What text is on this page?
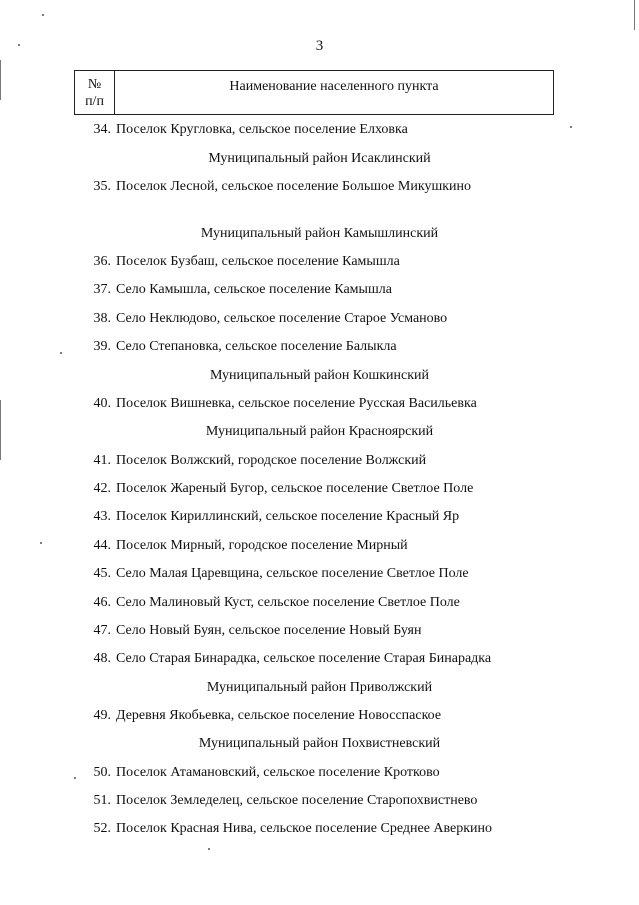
3
№
п/п
Наименование населенного пункта
34. Поселок Кругловка, сельское поселение Елховка
Муниципальный район Исаклинский
35. Поселок Лесной, сельское поселение Большое Микушкино
Муниципальный район Камышлинский
36. Поселок Бузбаш, сельское поселение Камышла
37. Село Камышла, сельское поселение Камышла
38. Село Неклюдово, сельское поселение Старое Усманово
39. Село Степановка, сельское поселение Балыкла
Муниципальный район Кошкинский
40. Поселок Вишневка, сельское поселение Русская Васильевка
Муниципальный район Красноярский
41. Поселок Волжский, городское поселение Волжский
42. Поселок Жареный Бугор, сельское поселение Светлое Поле
43. Поселок Кириллинский, сельское поселение Красный Яр
44. Поселок Мирный, городское поселение Мирный
45. Село Малая Царевщина, сельское поселение Светлое Поле
46. Село Малиновый Куст, сельское поселение Светлое Поле
47. Село Новый Буян, сельское поселение Новый Буян
48. Село Старая Бинарадка, сельское поселение Старая Бинарадка
Муниципальный район Приволжский
49. Деревня Якобьевка, сельское поселение Новосспаское
Муниципальный район Похвистневский
50. Поселок Атамановский, сельское поселение Кротково
51. Поселок Земледелец, сельское поселение Старопохвистнево
52. Поселок Красная Нива, сельское поселение Среднее Аверкино
